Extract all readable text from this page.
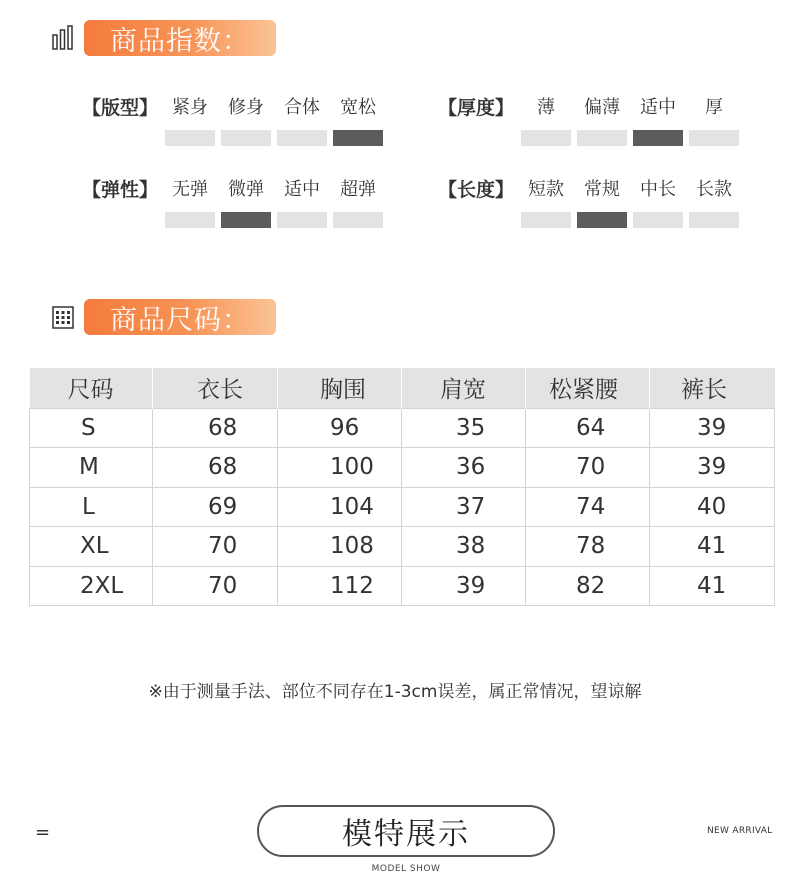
商品指数：
【版型】 紧身 修身 合体 宽松	【厚度】	薄 偏薄 适中 厚
【弹性】 无弹 微弹 适中 超弹	【长度】 短款 常规 中长 长款
商品尺码：
尺码	衣长	胸围	肩宽	松紧腰	裤长
S	68	96	35	64	39
M	68	100	36	70	39
L	69	104	37	74	40
XL	70	108	38	78	41
2XL	70	112	39	82	41
※由于测量手法、部位不同存在1-3cm误差，属正常情况，望谅解
=	模特展示
MODEL SHOW
NEW ARRIVAL
